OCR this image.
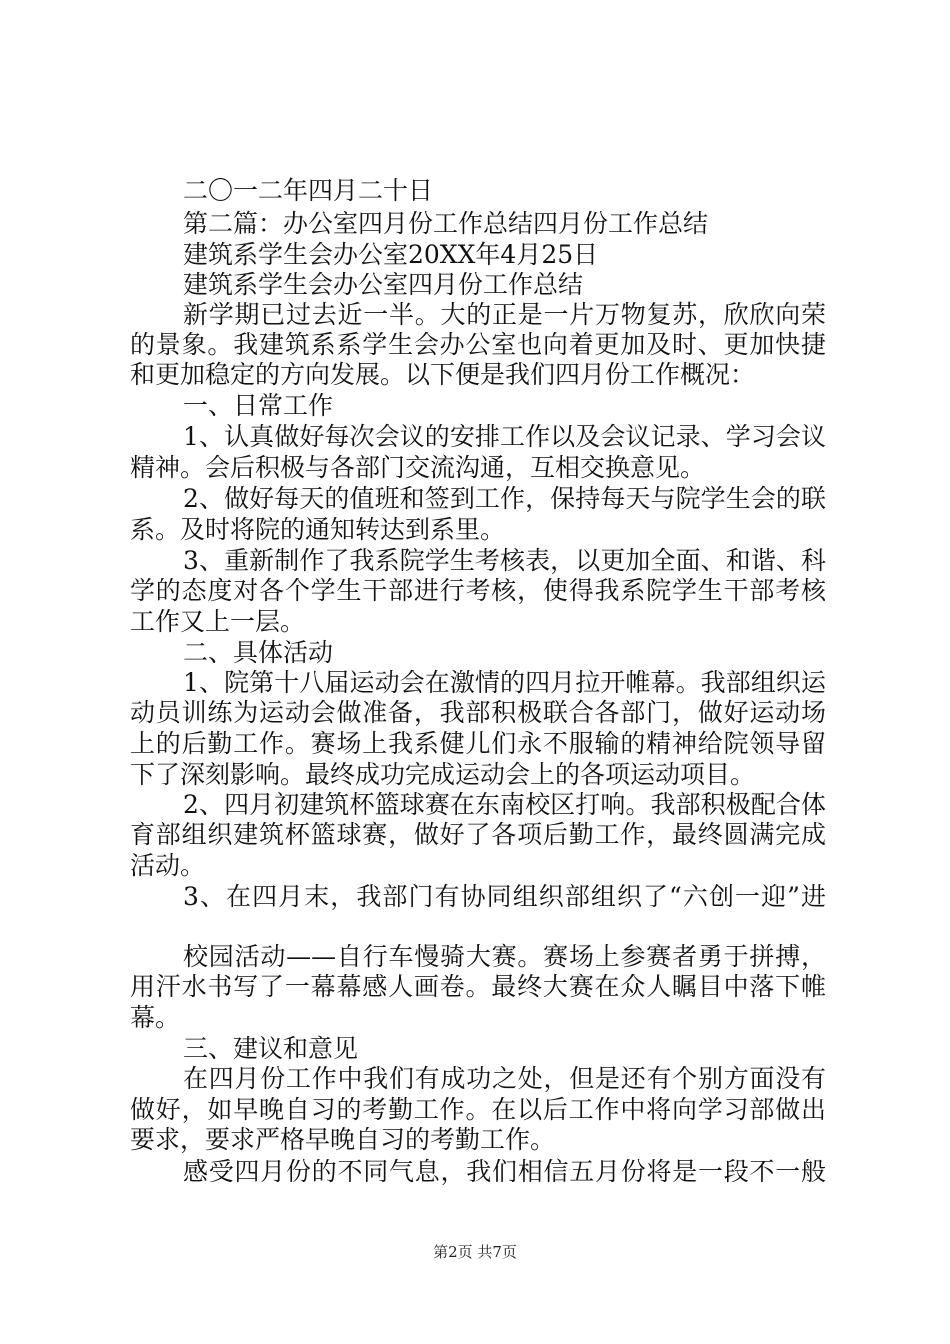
二〇一二年四月二十日
第二篇：办公室四月份工作总结四月份工作总结
建筑系学生会办公室20XX年4月25日
建筑系学生会办公室四月份工作总结
新学期已过去近一半。大的正是一片万物复苏，欣欣向荣
的景象。我建筑系系学生会办公室也向着更加及时、更加快捷
和更加稳定的方向发展。以下便是我们四月份工作概况：
一、日常工作
1、认真做好每次会议的安排工作以及会议记录、学习会议
精神。会后积极与各部门交流沟通，互相交换意见。
2、做好每天的值班和签到工作，保持每天与院学生会的联
系。及时将院的通知转达到系里。
3、重新制作了我系院学生考核表，以更加全面、和谐、科
学的态度对各个学生干部进行考核，使得我系院学生干部考核
工作又上一层。
二、具体活动
1、院第十八届运动会在激情的四月拉开帷幕。我部组织运
动员训练为运动会做准备，我部积极联合各部门，做好运动场
上的后勤工作。赛场上我系健儿们永不服输的精神给院领导留
下了深刻影响。最终成功完成运动会上的各项运动项目。
2、四月初建筑杯篮球赛在东南校区打响。我部积极配合体
育部组织建筑杯篮球赛，做好了各项后勤工作，最终圆满完成
活动。
3、在四月末，我部门有协同组织部组织了“六创一迎”进
校园活动——自行车慢骑大赛。赛场上参赛者勇于拼搏，
用汗水书写了一幕幕感人画卷。最终大赛在众人瞩目中落下帷
幕。
三、建议和意见
在四月份工作中我们有成功之处，但是还有个别方面没有
做好，如早晚自习的考勤工作。在以后工作中将向学习部做出
要求，要求严格早晚自习的考勤工作。
感受四月份的不同气息，我们相信五月份将是一段不一般
第2页 共7页
